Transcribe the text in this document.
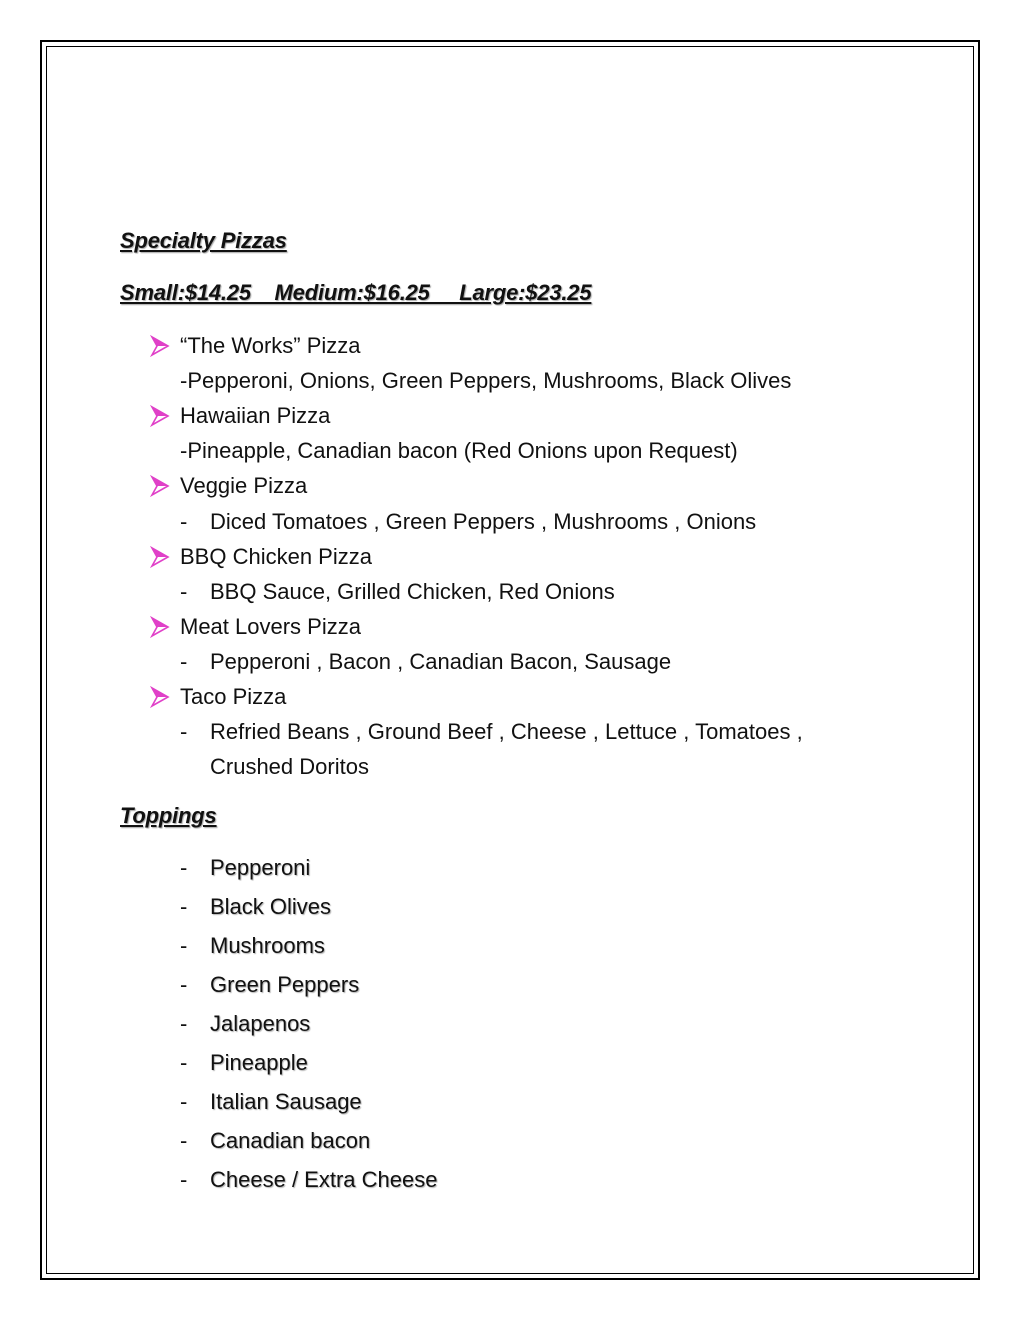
Specialty Pizzas
Small:$14.25    Medium:$16.25     Large:$23.25
“The Works” Pizza
-Pepperoni, Onions, Green Peppers, Mushrooms, Black Olives
Hawaiian Pizza
-Pineapple, Canadian bacon (Red Onions upon Request)
Veggie Pizza
- Diced Tomatoes , Green Peppers , Mushrooms , Onions
BBQ Chicken Pizza
- BBQ Sauce, Grilled Chicken, Red Onions
Meat Lovers Pizza
- Pepperoni , Bacon , Canadian Bacon, Sausage
Taco Pizza
- Refried Beans , Ground Beef , Cheese , Lettuce , Tomatoes ,
Crushed Doritos
Toppings
- Pepperoni
- Black Olives
- Mushrooms
- Green Peppers
- Jalapenos
- Pineapple
- Italian Sausage
- Canadian bacon
- Cheese / Extra Cheese
